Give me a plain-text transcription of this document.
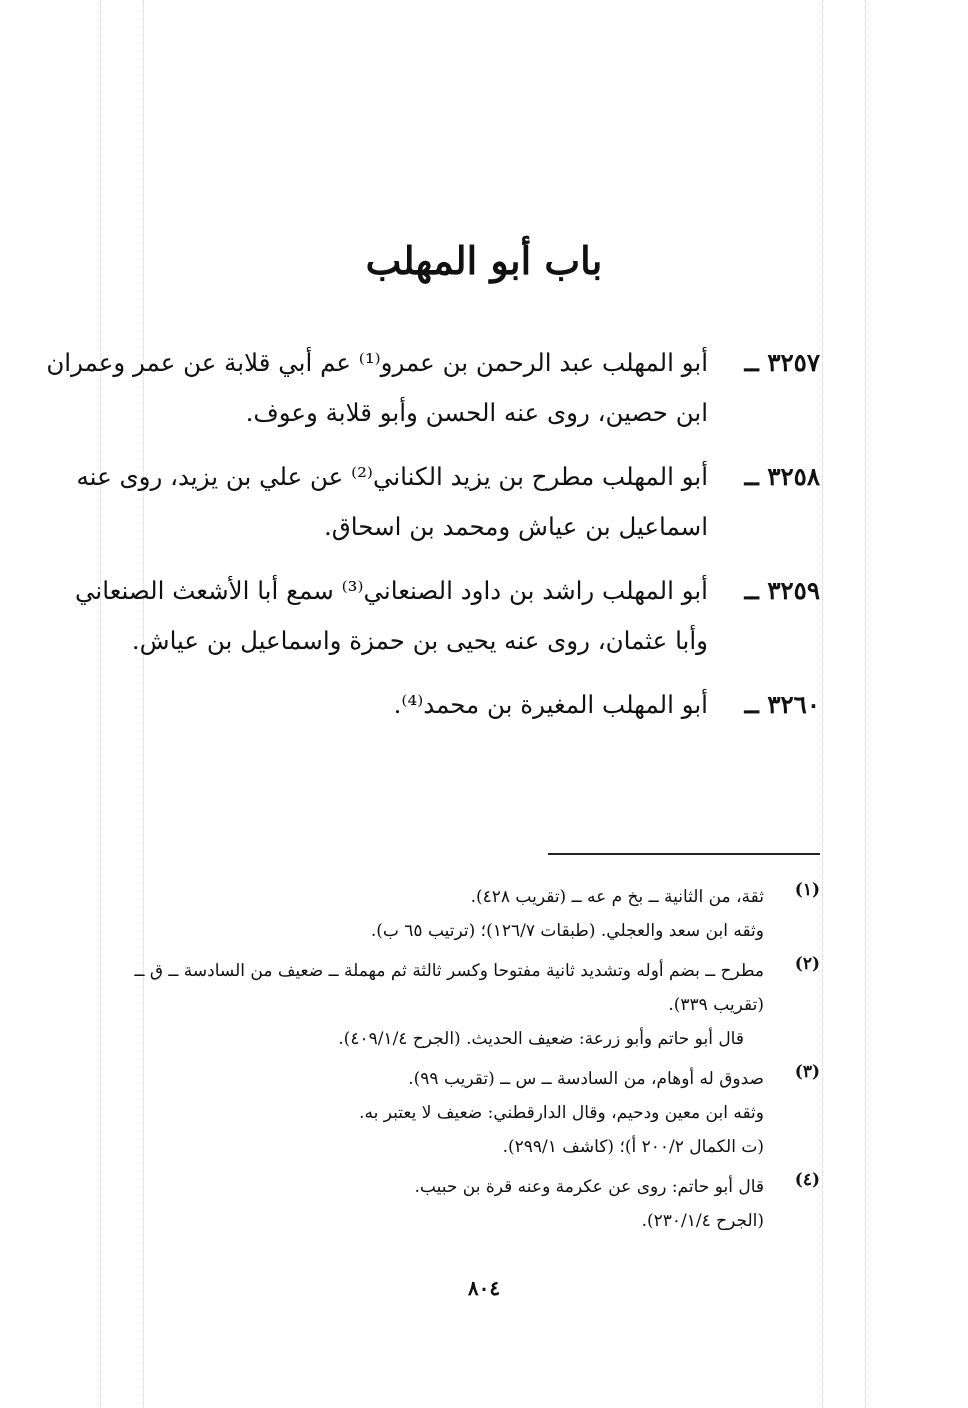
باب أبو المهلب
٣٢٥٧ ــ
أبو المهلب عبد الرحمن بن عمرو⁽¹⁾ عم أبي قلابة عن عمر وعمران
ابن حصين، روى عنه الحسن وأبو قلابة وعوف.
٣٢٥٨ ــ
أبو المهلب مطرح بن يزيد الكناني⁽²⁾ عن علي بن يزيد، روى عنه
اسماعيل بن عياش ومحمد بن اسحاق.
٣٢٥٩ ــ
أبو المهلب راشد بن داود الصنعاني⁽³⁾ سمع أبا الأشعث الصنعاني
وأبا عثمان، روى عنه يحيى بن حمزة واسماعيل بن عياش.
٣٢٦٠ ــ
أبو المهلب المغيرة بن محمد⁽⁴⁾.
(١)
ثقة، من الثانية ــ بخ م عه ــ (تقريب ٤٢٨).
وثقه ابن سعد والعجلي. (طبقات ١٢٦/٧)؛ (ترتيب ٦٥ ب).
(٢)
مطرح ــ بضم أوله وتشديد ثانية مفتوحا وكسر ثالثة ثم مهملة ــ ضعيف من السادسة ــ ق ــ
(تقريب ٣٣٩).
قال أبو حاتم وأبو زرعة: ضعيف الحديث. (الجرح ٤٠٩/١/٤).
(٣)
صدوق له أوهام، من السادسة ــ س ــ (تقريب ٩٩).
وثقه ابن معين ودحيم، وقال الدارقطني: ضعيف لا يعتبر به.
(ت الكمال ٢٠٠/٢ أ)؛ (كاشف ٢٩٩/١).
(٤)
قال أبو حاتم: روى عن عكرمة وعنه قرة بن حبيب.
(الجرح ٢٣٠/١/٤).
٨٠٤
